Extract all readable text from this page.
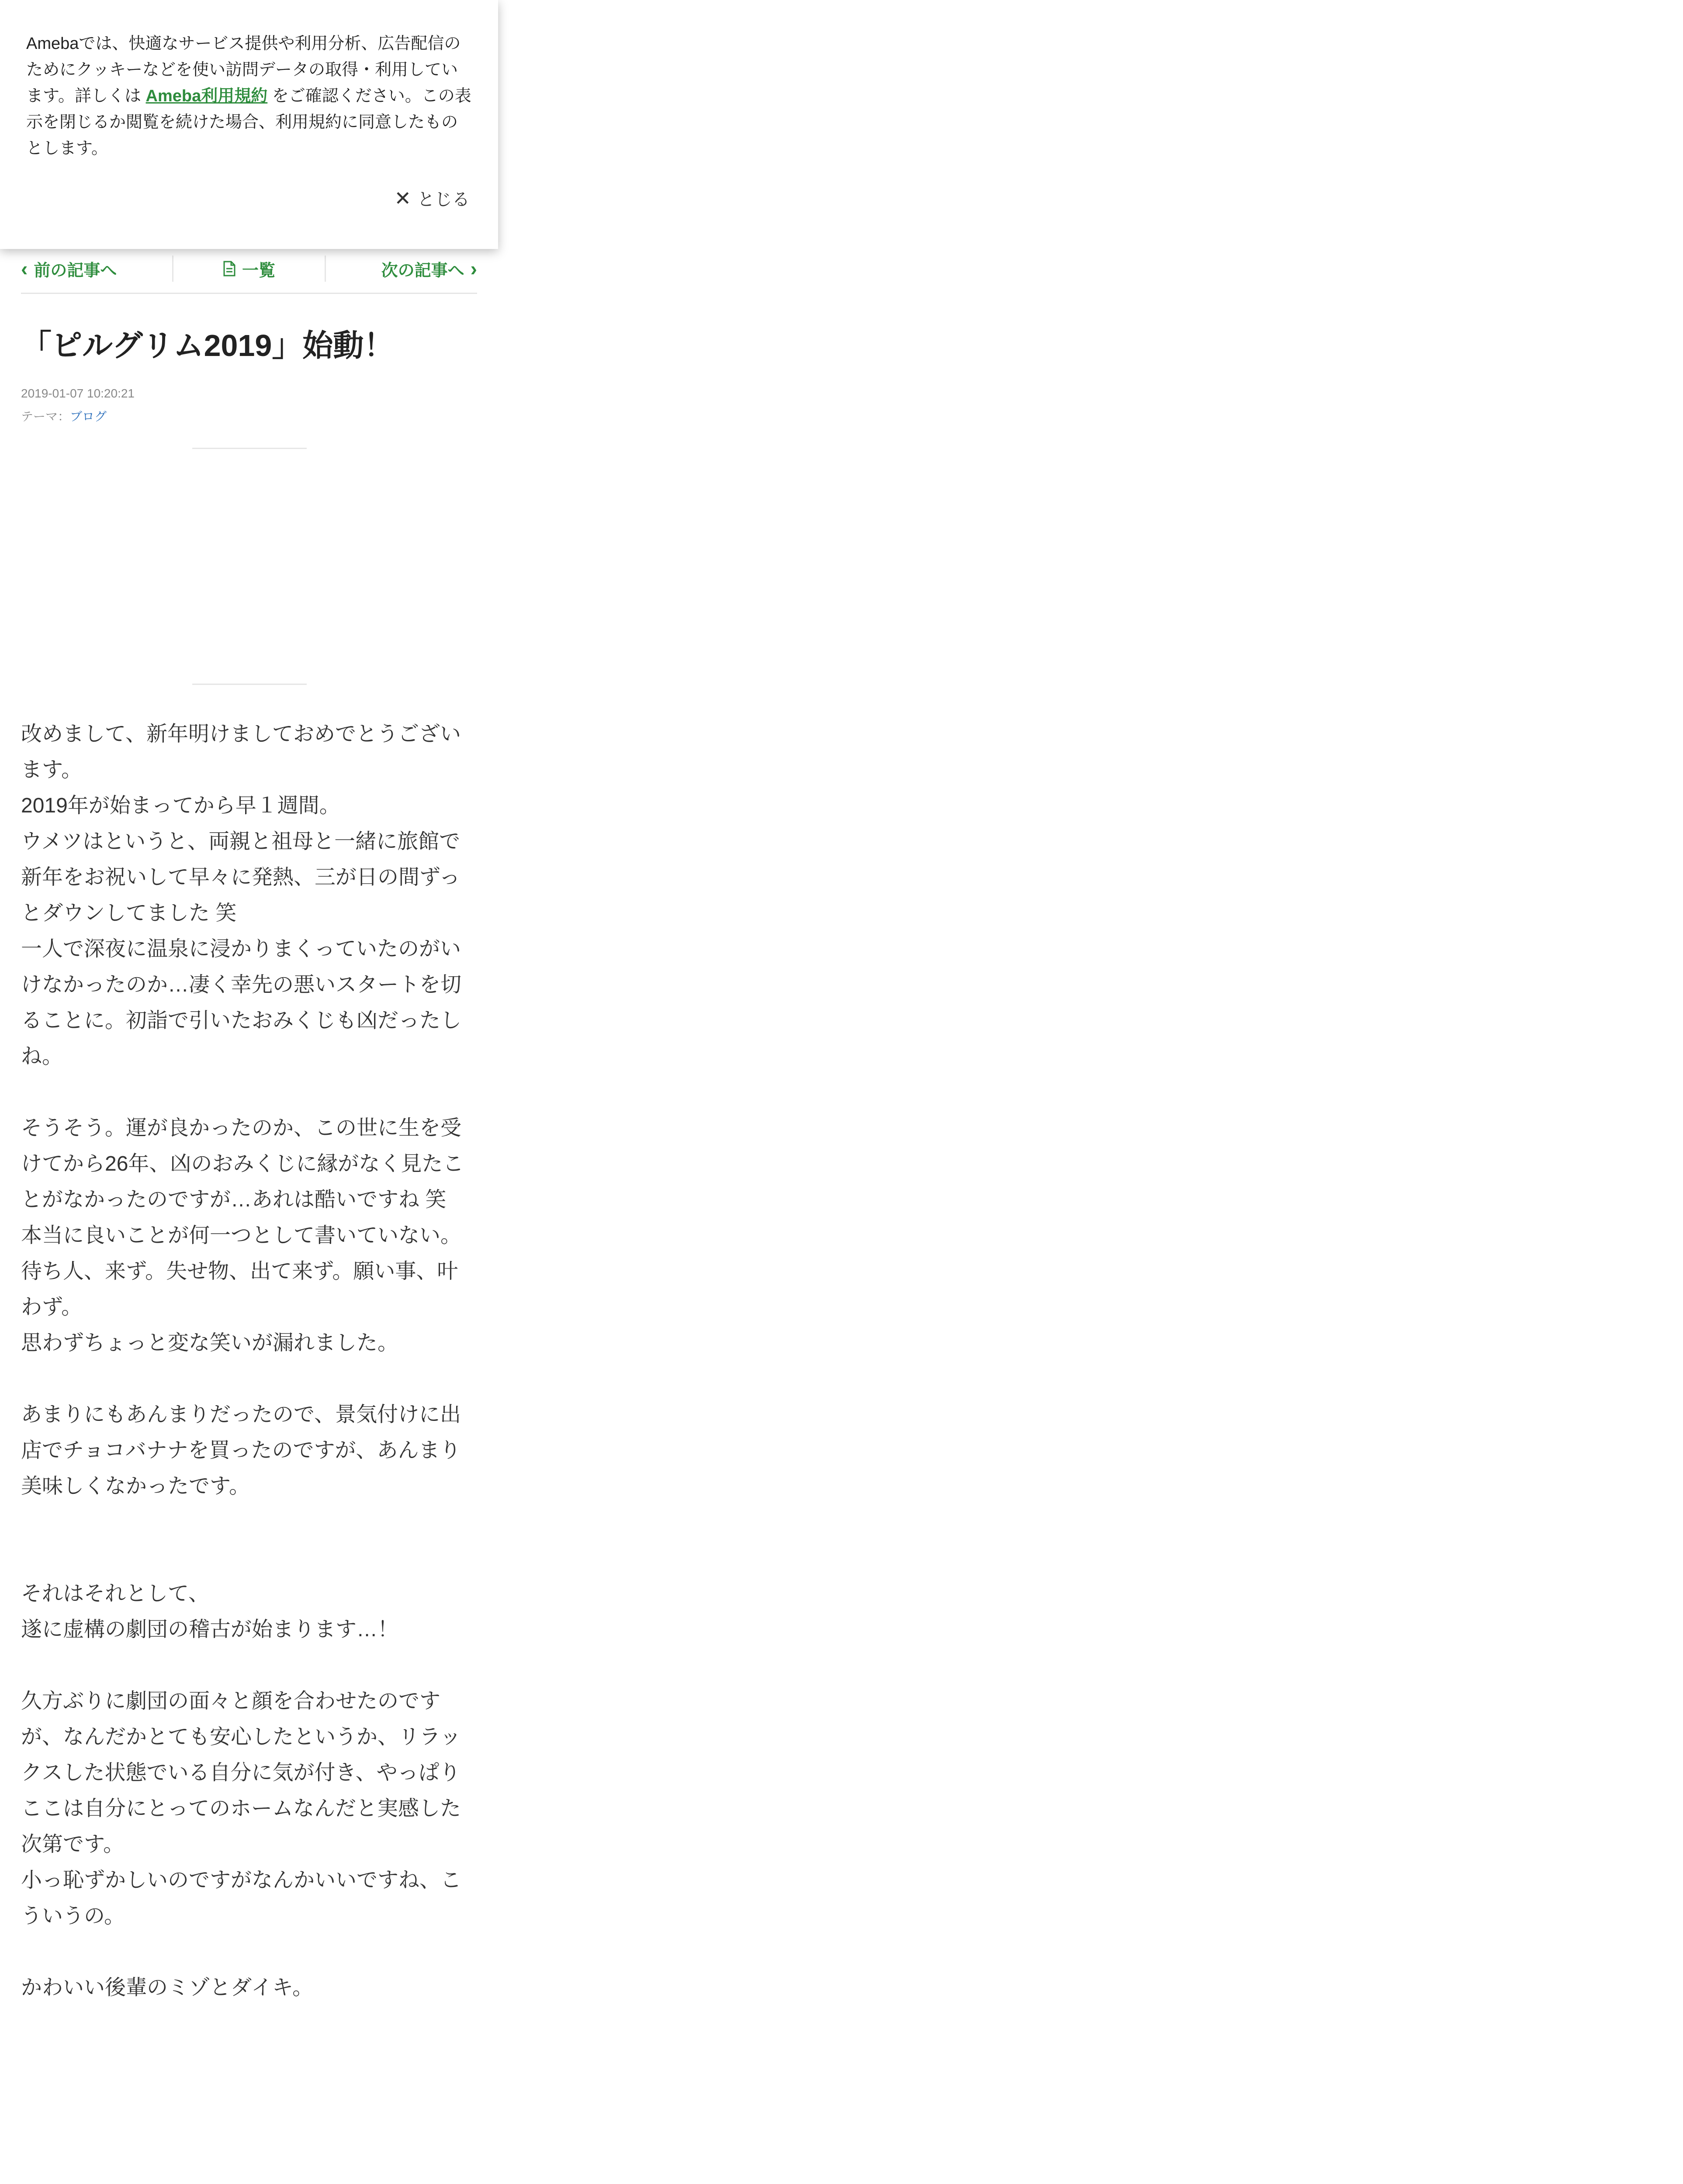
Amebaでは、快適なサービス提供や利用分析、広告配信のためにクッキーなどを使い訪問データの取得・利用しています。詳しくは Ameba利用規約 をご確認ください。この表示を閉じるか閲覧を続けた場合、利用規約に同意したものとします。
✕ とじる
‹ 前の記事へ	一覧	次の記事へ ›
「ピルグリム2019」始動！
2019-01-07 10:20:21
テーマ：ブログ
改めまして、新年明けましておめでとうございます。
2019年が始まってから早１週間。
ウメツはというと、両親と祖母と一緒に旅館で新年をお祝いして早々に発熱、三が日の間ずっとダウンしてました 笑
一人で深夜に温泉に浸かりまくっていたのがいけなかったのか…凄く幸先の悪いスタートを切ることに。初詣で引いたおみくじも凶だったしね。

そうそう。運が良かったのか、この世に生を受けてから26年、凶のおみくじに縁がなく見たことがなかったのですが…あれは酷いですね 笑
本当に良いことが何一つとして書いていない。待ち人、来ず。失せ物、出て来ず。願い事、叶わず。
思わずちょっと変な笑いが漏れました。

あまりにもあんまりだったので、景気付けに出店でチョコバナナを買ったのですが、あんまり美味しくなかったです。

それはそれとして、
遂に虚構の劇団の稽古が始まります…！

久方ぶりに劇団の面々と顔を合わせたのですが、なんだかとても安心したというか、リラックスした状態でいる自分に気が付き、やっぱりここは自分にとってのホームなんだと実感した次第です。
小っ恥ずかしいのですがなんかいいですね、こういうの。

かわいい後輩のミゾとダイキ。
